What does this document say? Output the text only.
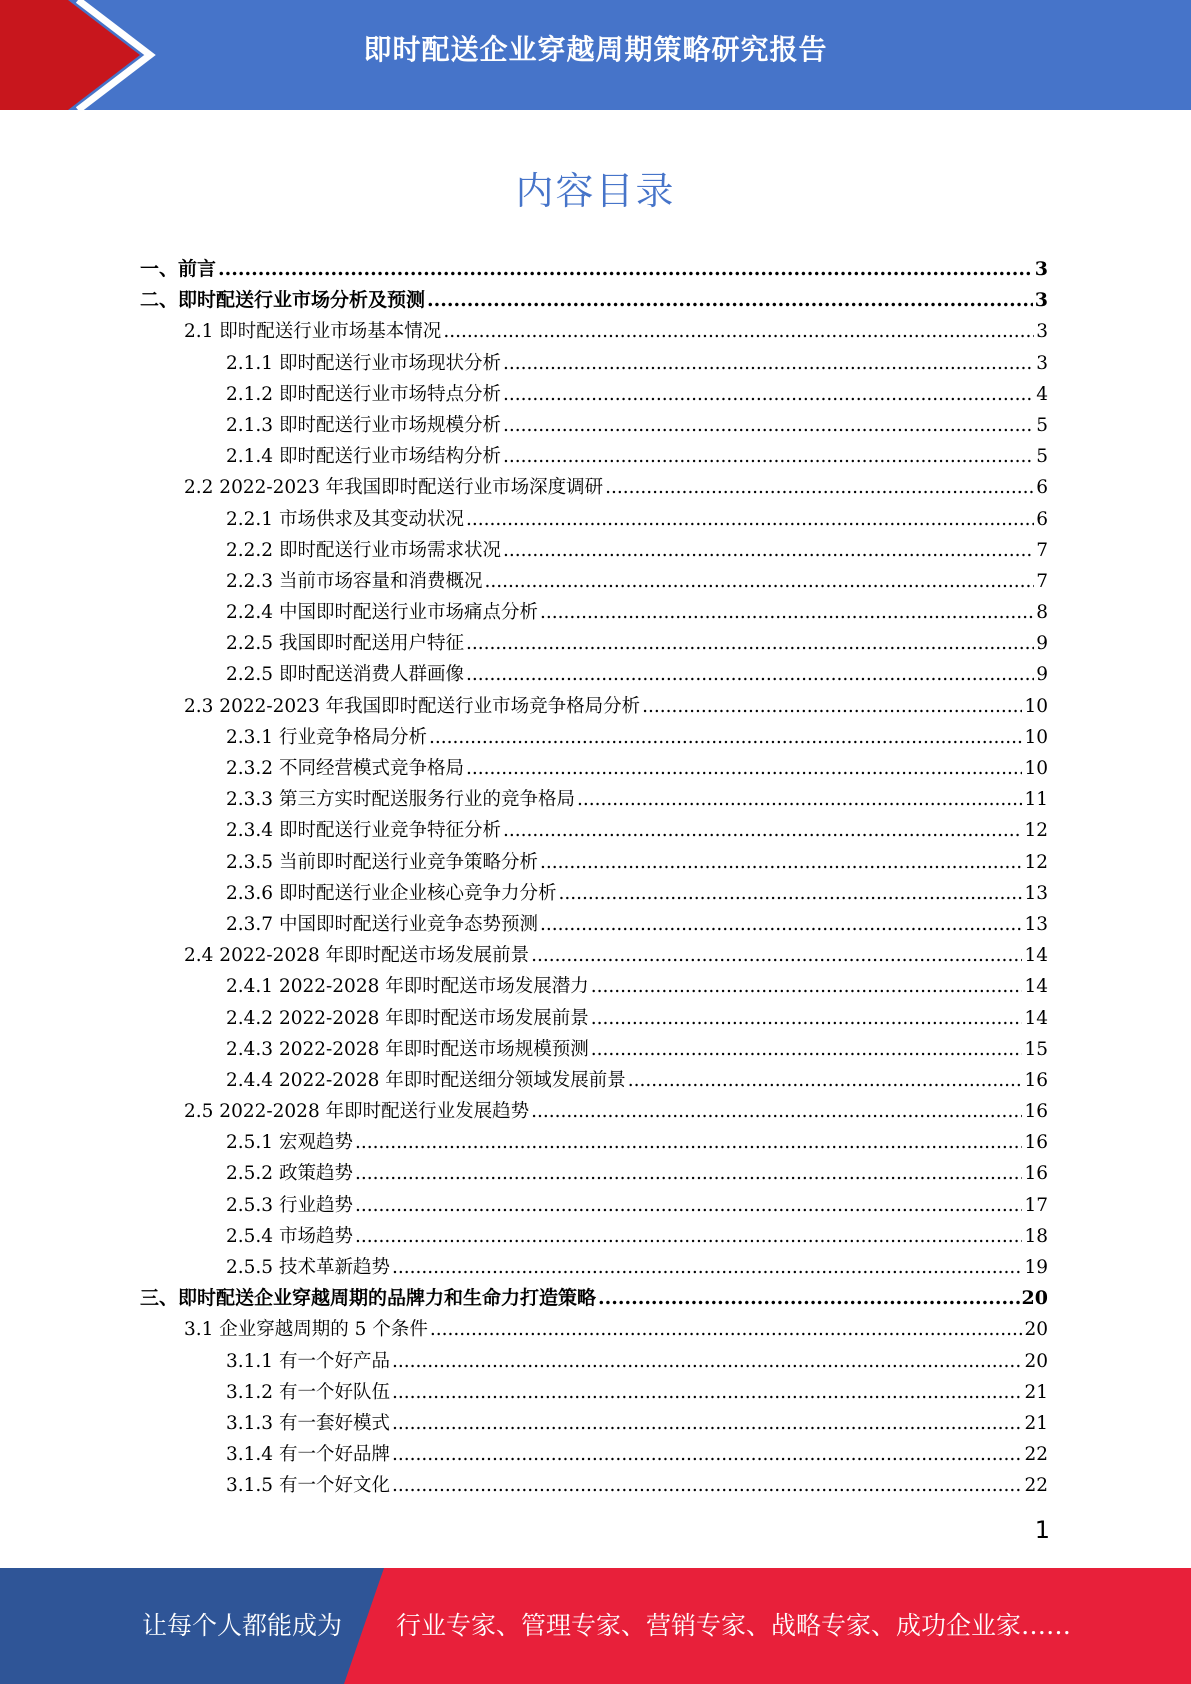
即时配送企业穿越周期策略研究报告
内容目录
一、前言 .....	3
二、即时配送行业市场分析及预测 .....	3
2.1 即时配送行业市场基本情况 .....	3
2.1.1 即时配送行业市场现状分析 .....	3
2.1.2 即时配送行业市场特点分析 .....	4
2.1.3 即时配送行业市场规模分析 .....	5
2.1.4 即时配送行业市场结构分析 .....	5
2.2 2022-2023 年我国即时配送行业市场深度调研 .....	6
2.2.1 市场供求及其变动状况 .....	6
2.2.2 即时配送行业市场需求状况 .....	7
2.2.3 当前市场容量和消费概况 .....	7
2.2.4 中国即时配送行业市场痛点分析 .....	8
2.2.5 我国即时配送用户特征 .....	9
2.2.5 即时配送消费人群画像 .....	9
2.3 2022-2023 年我国即时配送行业市场竞争格局分析 .....	10
2.3.1 行业竞争格局分析 .....	10
2.3.2 不同经营模式竞争格局 .....	10
2.3.3 第三方实时配送服务行业的竞争格局 .....	11
2.3.4 即时配送行业竞争特征分析 .....	12
2.3.5 当前即时配送行业竞争策略分析 .....	12
2.3.6 即时配送行业企业核心竞争力分析 .....	13
2.3.7 中国即时配送行业竞争态势预测 .....	13
2.4 2022-2028 年即时配送市场发展前景 .....	14
2.4.1 2022-2028 年即时配送市场发展潜力 .....	14
2.4.2 2022-2028 年即时配送市场发展前景 .....	14
2.4.3 2022-2028 年即时配送市场规模预测 .....	15
2.4.4 2022-2028 年即时配送细分领域发展前景 .....	16
2.5 2022-2028 年即时配送行业发展趋势 .....	16
2.5.1 宏观趋势 .....	16
2.5.2 政策趋势 .....	16
2.5.3 行业趋势 .....	17
2.5.4 市场趋势 .....	18
2.5.5 技术革新趋势 .....	19
三、即时配送企业穿越周期的品牌力和生命力打造策略 .....	20
3.1 企业穿越周期的 5 个条件 .....	20
3.1.1 有一个好产品 .....	20
3.1.2 有一个好队伍 .....	21
3.1.3 有一套好模式 .....	21
3.1.4 有一个好品牌 .....	22
3.1.5 有一个好文化 .....	22
1
让每个人都能成为 行业专家、管理专家、营销专家、战略专家、成功企业家……
